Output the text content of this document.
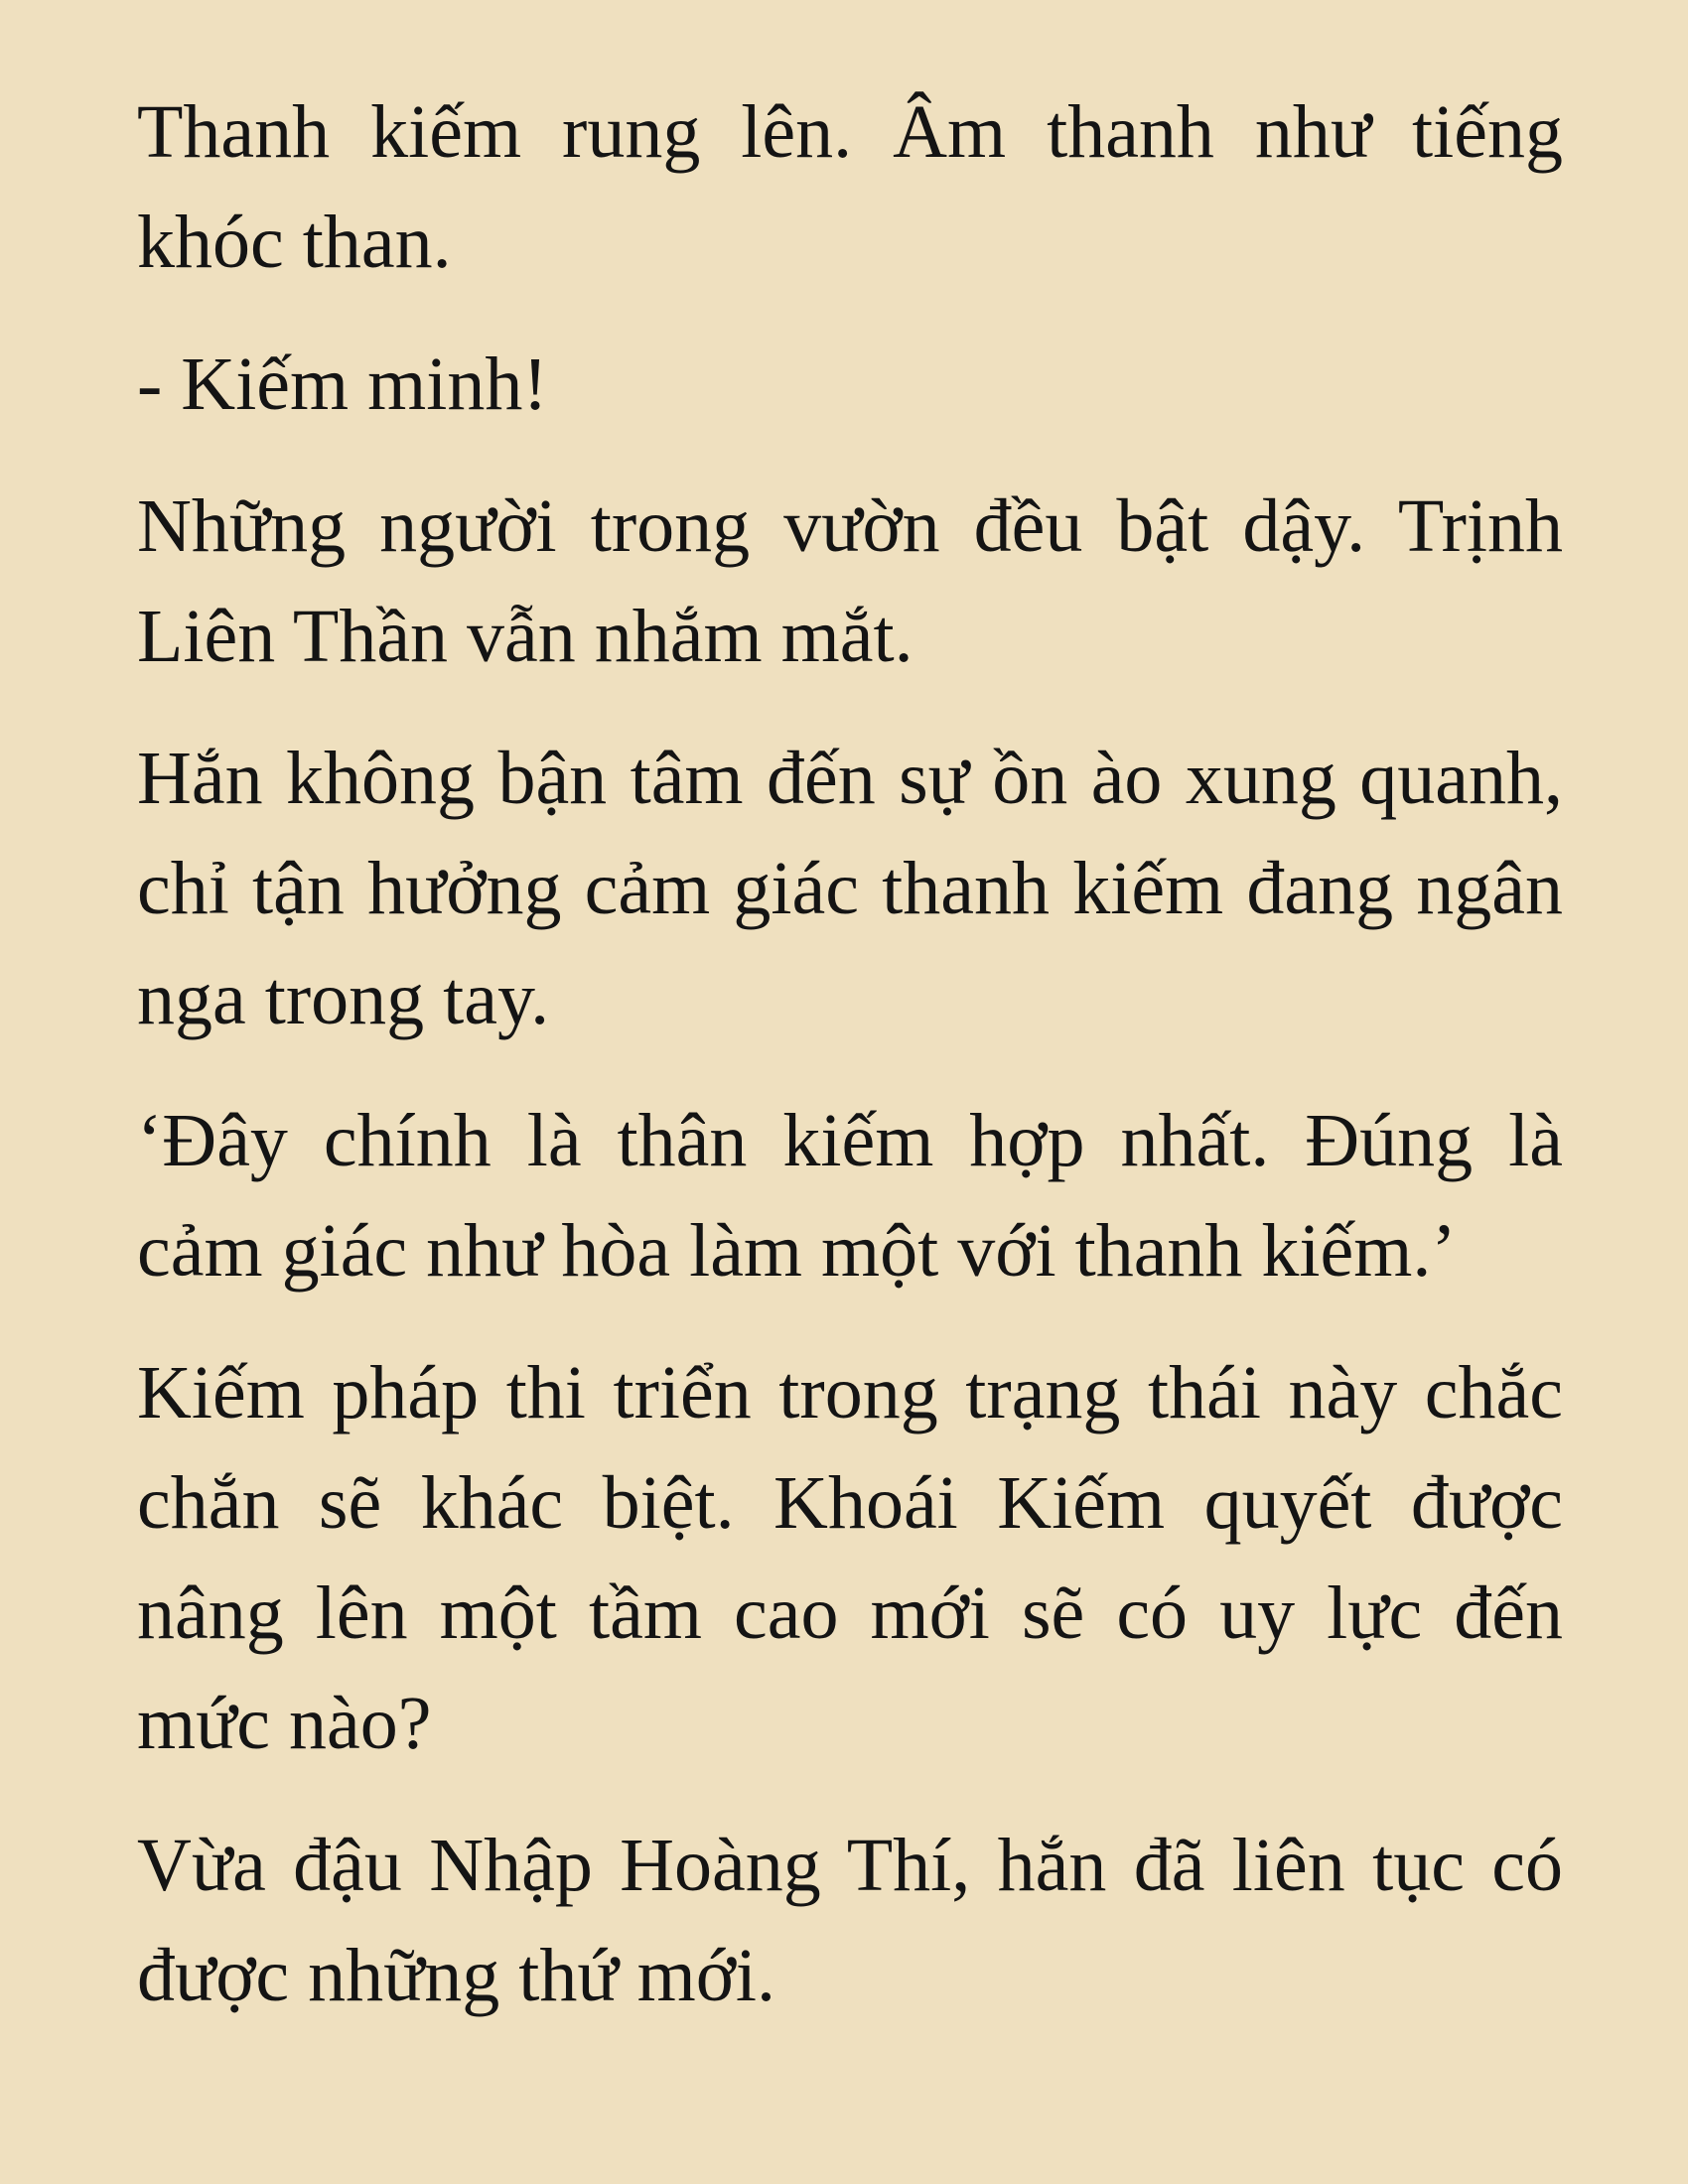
Thanh kiếm rung lên. Âm thanh như tiếng khóc than.

- Kiếm minh!

Những người trong vườn đều bật dậy. Trịnh Liên Thần vẫn nhắm mắt.

Hắn không bận tâm đến sự ồn ào xung quanh, chỉ tận hưởng cảm giác thanh kiếm đang ngân nga trong tay.

‘Đây chính là thân kiếm hợp nhất. Đúng là cảm giác như hòa làm một với thanh kiếm.’

Kiếm pháp thi triển trong trạng thái này chắc chắn sẽ khác biệt. Khoái Kiếm quyết được nâng lên một tầm cao mới sẽ có uy lực đến mức nào?

Vừa đậu Nhập Hoàng Thí, hắn đã liên tục có được những thứ mới.
